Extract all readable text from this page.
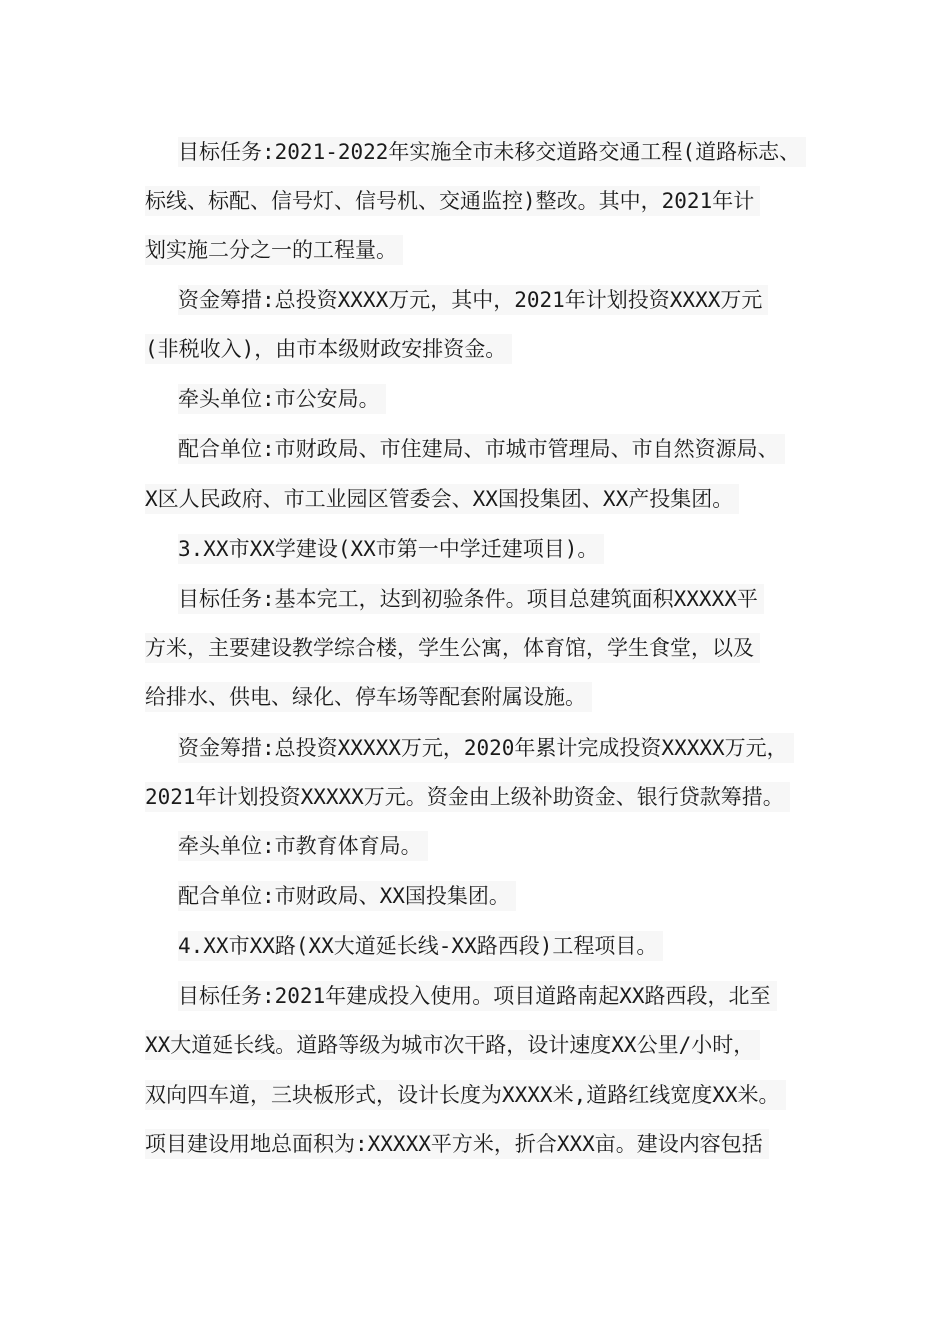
目标任务:2021-2022年实施全市未移交道路交通工程(道路标志、
标线、标配、信号灯、信号机、交通监控)整改。其中，2021年计
划实施二分之一的工程量。
资金筹措:总投资XXXX万元，其中，2021年计划投资XXXX万元
(非税收入)，由市本级财政安排资金。
牵头单位:市公安局。
配合单位:市财政局、市住建局、市城市管理局、市自然资源局、
X区人民政府、市工业园区管委会、XX国投集团、XX产投集团。
3.XX市XX学建设(XX市第一中学迁建项目)。
目标任务:基本完工，达到初验条件。项目总建筑面积XXXXX平
方米，主要建设教学综合楼，学生公寓，体育馆，学生食堂，以及
给排水、供电、绿化、停车场等配套附属设施。
资金筹措:总投资XXXXX万元，2020年累计完成投资XXXXX万元，
2021年计划投资XXXXX万元。资金由上级补助资金、银行贷款筹措。
牵头单位:市教育体育局。
配合单位:市财政局、XX国投集团。
4.XX市XX路(XX大道延长线-XX路西段)工程项目。
目标任务:2021年建成投入使用。项目道路南起XX路西段，北至
XX大道延长线。道路等级为城市次干路，设计速度XX公里/小时，
双向四车道，三块板形式，设计长度为XXXX米,道路红线宽度XX米。
项目建设用地总面积为:XXXXX平方米，折合XXX亩。建设内容包括
